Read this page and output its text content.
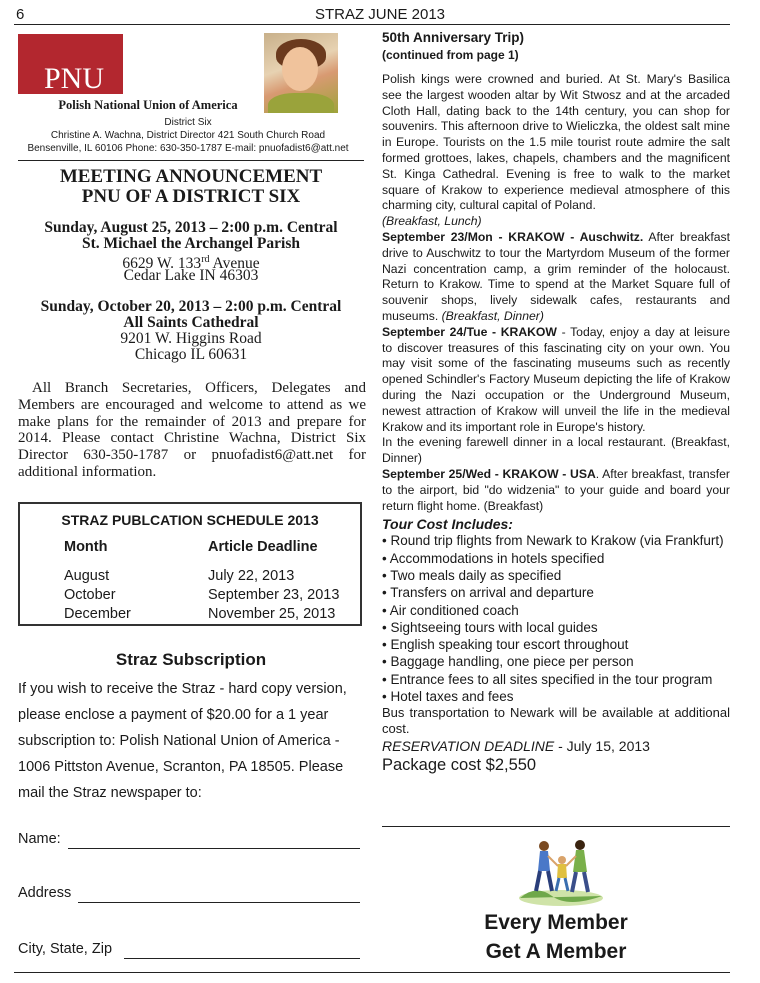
6	STRAZ JUNE 2013
PNU
Polish National Union of America
District Six
Christine A. Wachna, District Director 421 South Church Road
Bensenville, IL 60106 Phone: 630-350-1787 E-mail: pnuofadist6@att.net
MEETING ANNOUNCEMENT
PNU OF A DISTRICT SIX
Sunday, August 25, 2013 – 2:00 p.m. Central
St. Michael the Archangel Parish
6629 W. 133rd Avenue
Cedar Lake IN 46303
Sunday, October 20, 2013 – 2:00 p.m. Central
All Saints Cathedral
9201 W. Higgins Road
Chicago IL 60631
All Branch Secretaries, Officers, Delegates and Members are encouraged and welcome to attend as we make plans for the remainder of 2013 and prepare for 2014. Please contact Christine Wachna, District Six Director 630-350-1787 or pnuofadist6@att.net for additional information.
STRAZ PUBLCATION SCHEDULE 2013
Month	Article Deadline
August	July 22, 2013
October	September 23, 2013
December	November 25, 2013
Straz Subscription
If you wish to receive the Straz - hard copy version, please enclose a payment of $20.00 for a 1 year subscription to: Polish National Union of America - 1006 Pittston Avenue, Scranton, PA 18505. Please mail the Straz newspaper to:
Name:
Address
City, State, Zip
50th Anniversary Trip)
(continued from page 1)

Polish kings were crowned and buried. At St. Mary's Basilica see the largest wooden altar by Wit Stwosz and at the arcaded Cloth Hall, dating back to the 14th century, you can shop for souvenirs. This afternoon drive to Wieliczka, the oldest salt mine in Europe. Tourists on the 1.5 mile tourist route admire the salt formed grottoes, lakes, chapels, chambers and the magnificent St. Kinga Cathedral. Evening is free to walk to the market square of Krakow to experience medieval atmosphere of this charming city, cultural capital of Poland.

(Breakfast, Lunch)

September 23/Mon - KRAKOW - Auschwitz. After breakfast drive to Auschwitz to tour the Martyrdom Museum of the former Nazi concentration camp, a grim reminder of the holocaust. Return to Krakow. Time to spend at the Market Square full of souvenir shops, lively sidewalk cafes, restaurants and museums. (Breakfast, Dinner)

September 24/Tue - KRAKOW - Today, enjoy a day at leisure to discover treasures of this fascinating city on your own. You may visit some of the fascinating museums such as recently opened Schindler's Factory Museum depicting the life of Krakow during the Nazi occupation or the Underground Museum, newest attraction of Krakow will unveil the life in the medieval Krakow and its important role in Europe's history.

In the evening farewell dinner in a local restaurant. (Breakfast, Dinner)

September 25/Wed - KRAKOW - USA. After breakfast, transfer to the airport, bid "do widzenia" to your guide and board your return flight home. (Breakfast)

Tour Cost Includes:
• Round trip flights from Newark to Krakow (via Frankfurt)
• Accommodations in hotels specified
• Two meals daily as specified
• Transfers on arrival and departure
• Air conditioned coach
• Sightseeing tours with local guides
• English speaking tour escort throughout
• Baggage handling, one piece per person
• Entrance fees to all sites specified in the tour program
• Hotel taxes and fees
Bus transportation to Newark will be available at additional cost.
RESERVATION DEADLINE - July 15, 2013
Package cost $2,550
Every Member
Get A Member
